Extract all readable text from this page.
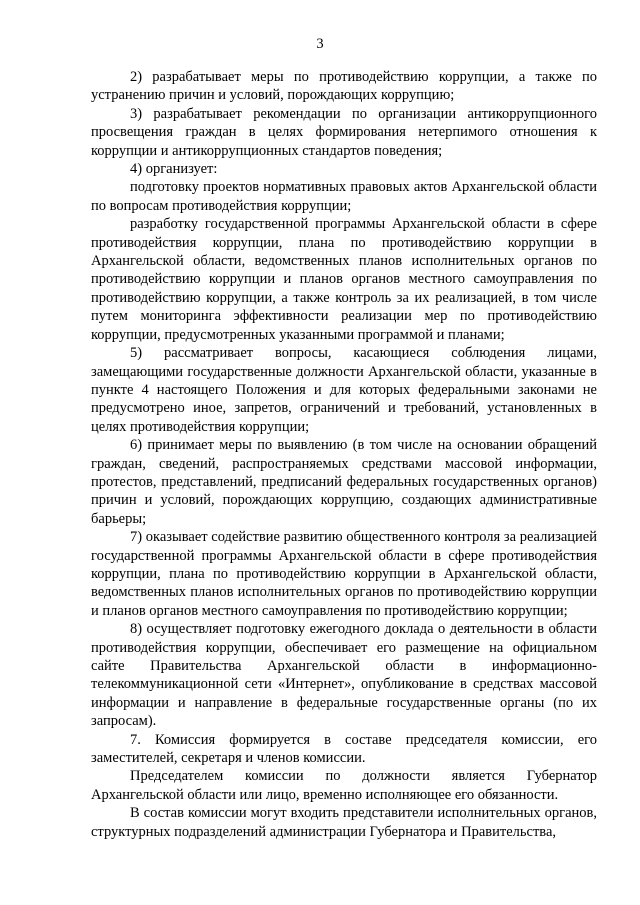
3

2) разрабатывает меры по противодействию коррупции, а также по устранению причин и условий, порождающих коррупцию;

3) разрабатывает рекомендации по организации антикоррупционного просвещения граждан в целях формирования нетерпимого отношения к коррупции и антикоррупционных стандартов поведения;

4) организует:

подготовку проектов нормативных правовых актов Архангельской области по вопросам противодействия коррупции;

разработку государственной программы Архангельской области в сфере противодействия коррупции, плана по противодействию коррупции в Архангельской области, ведомственных планов исполнительных органов по противодействию коррупции и планов органов местного самоуправления по противодействию коррупции, а также контроль за их реализацией, в том числе путем мониторинга эффективности реализации мер по противодействию коррупции, предусмотренных указанными программой и планами;

5) рассматривает вопросы, касающиеся соблюдения лицами, замещающими государственные должности Архангельской области, указанные в пункте 4 настоящего Положения и для которых федеральными законами не предусмотрено иное, запретов, ограничений и требований, установленных в целях противодействия коррупции;

6) принимает меры по выявлению (в том числе на основании обращений граждан, сведений, распространяемых средствами массовой информации, протестов, представлений, предписаний федеральных государственных органов) причин и условий, порождающих коррупцию, создающих административные барьеры;

7) оказывает содействие развитию общественного контроля за реализацией государственной программы Архангельской области в сфере противодействия коррупции, плана по противодействию коррупции в Архангельской области, ведомственных планов исполнительных органов по противодействию коррупции и планов органов местного самоуправления по противодействию коррупции;

8) осуществляет подготовку ежегодного доклада о деятельности в области противодействия коррупции, обеспечивает его размещение на официальном сайте Правительства Архангельской области в информационно-телекоммуникационной сети «Интернет», опубликование в средствах массовой информации и направление в федеральные государственные органы (по их запросам).

7. Комиссия формируется в составе председателя комиссии, его заместителей, секретаря и членов комиссии.

Председателем комиссии по должности является Губернатор Архангельской области или лицо, временно исполняющее его обязанности.

В состав комиссии могут входить представители исполнительных органов, структурных подразделений администрации Губернатора и Правительства,
